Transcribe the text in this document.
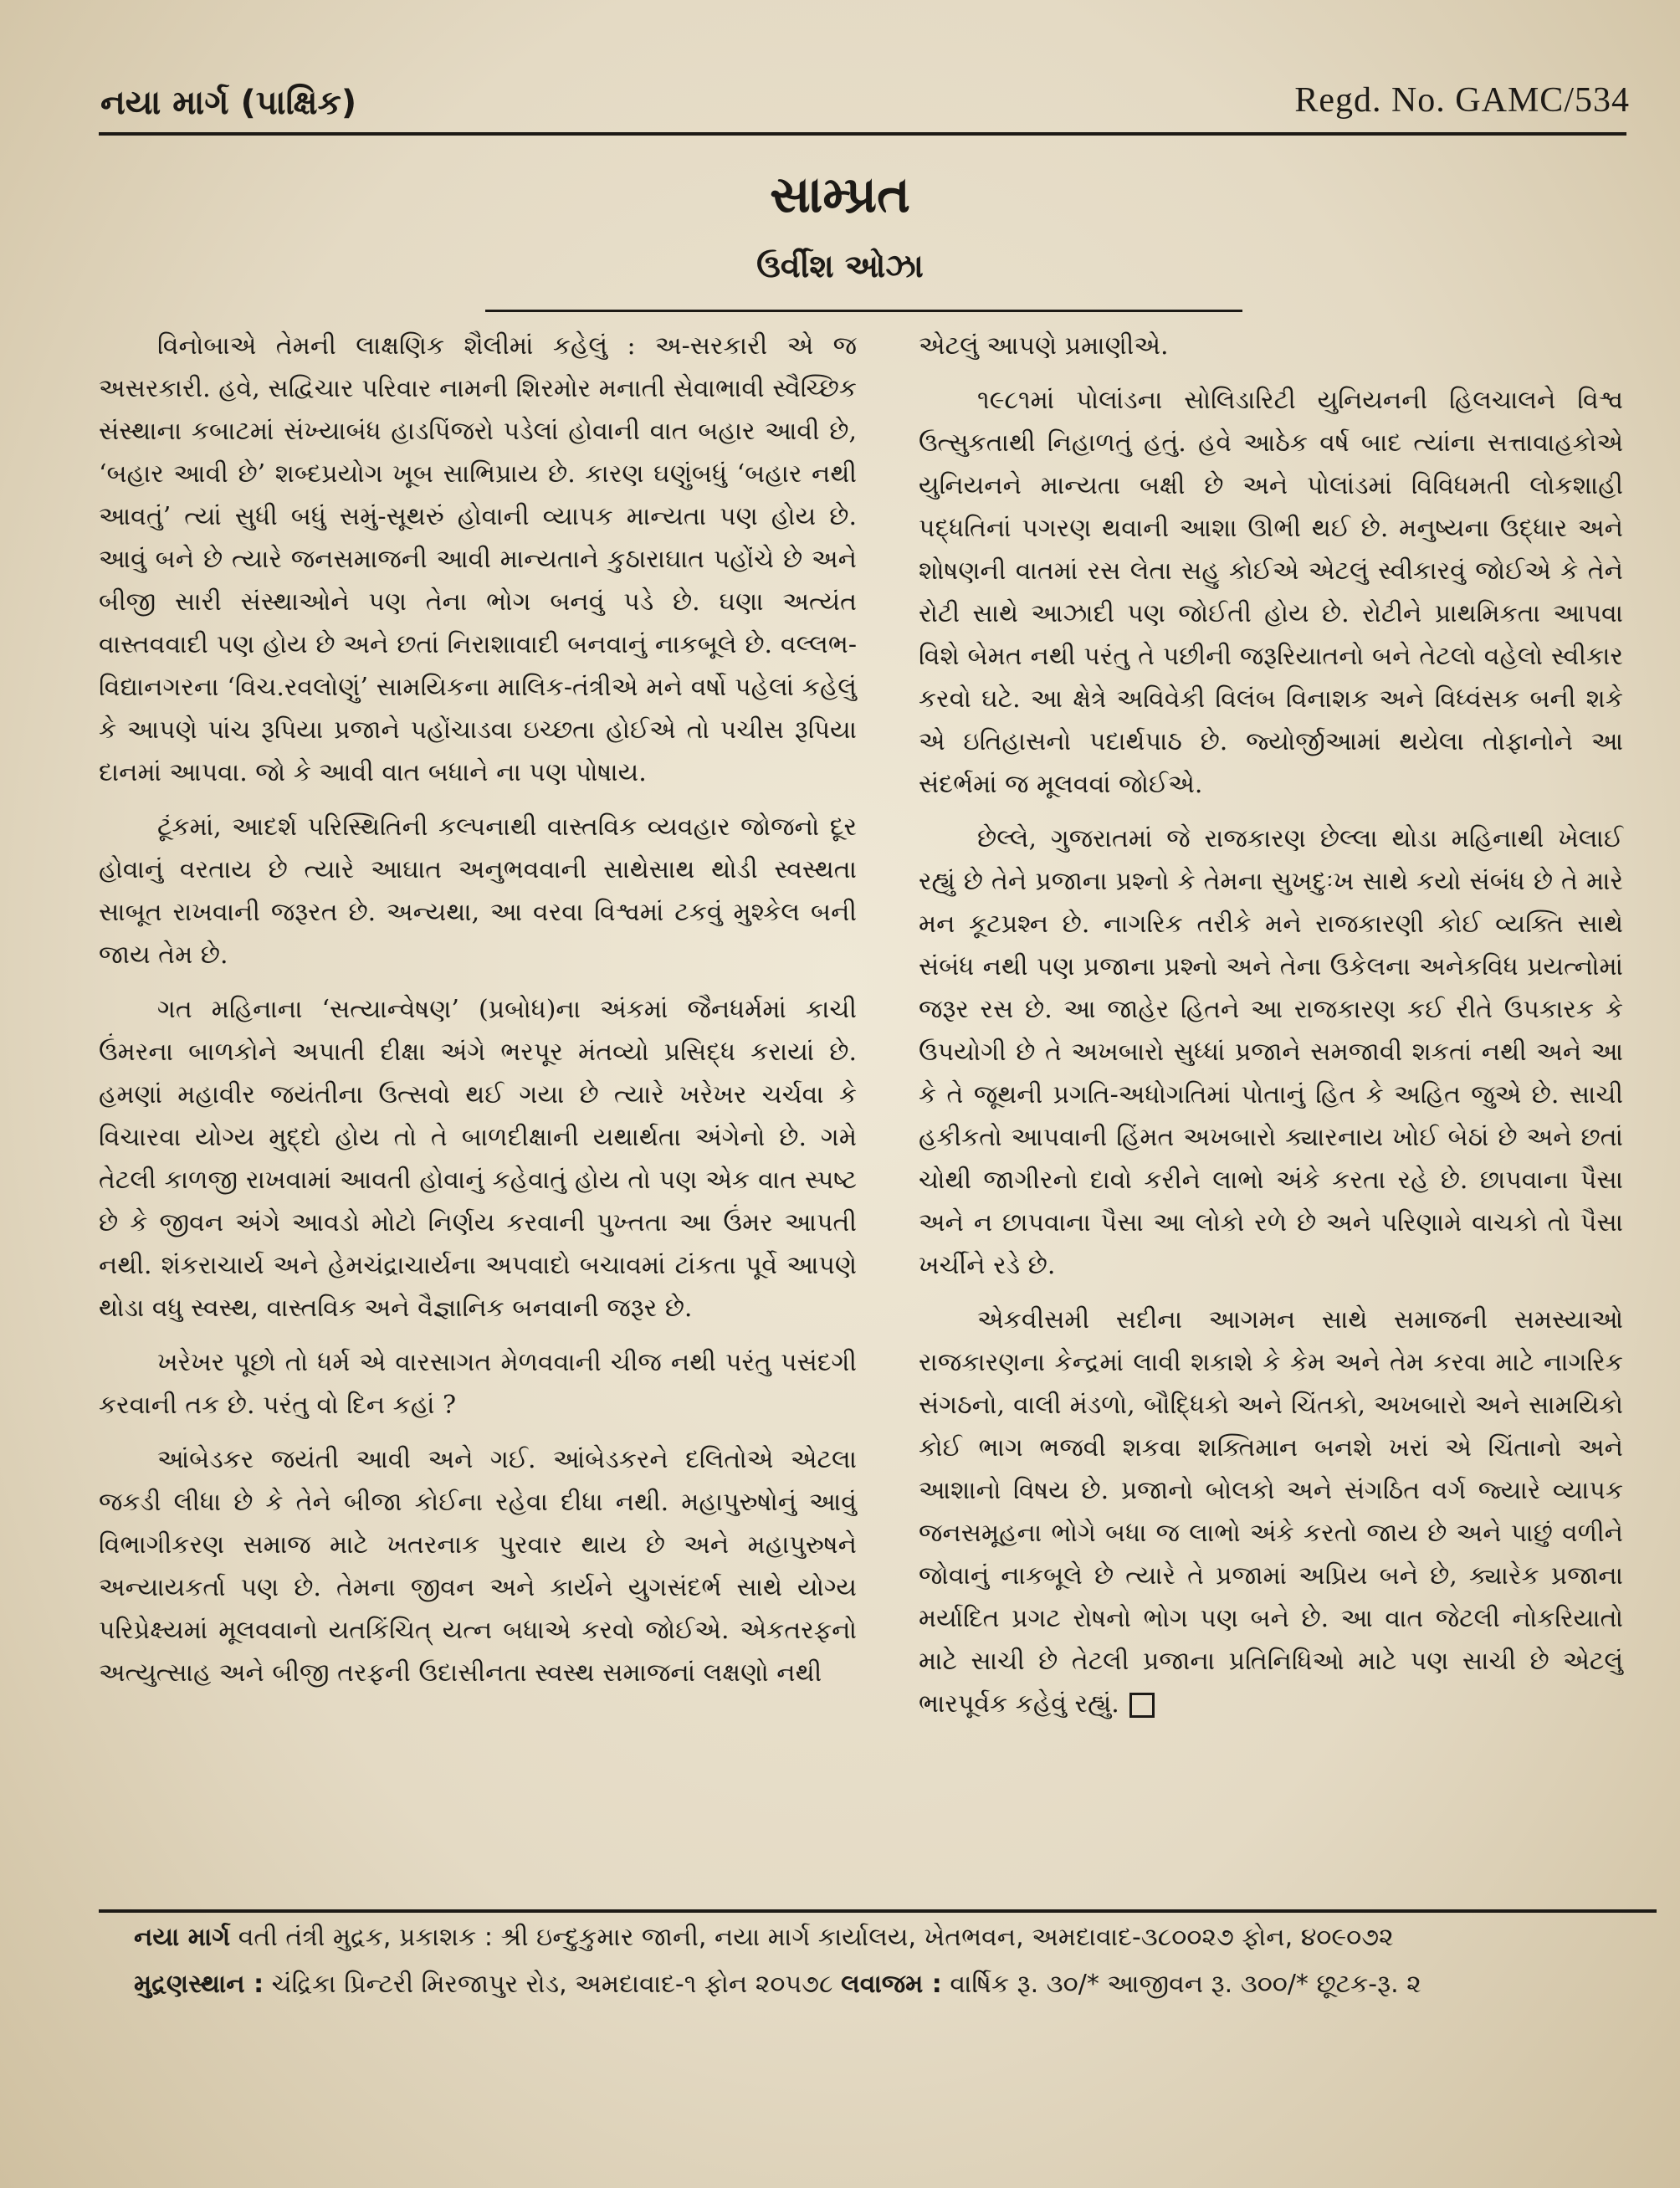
નયા માર્ગ (પાક્ષિક)	Regd. No. GAMC/534
સામ્પ્રત
ઉર્વીશ ઓઝા

વિનોબાએ તેમની લાક્ષણિક શૈલીમાં કહેલું : અ-સરકારી એ જ અસરકારી. હવે, સદ્વિચાર પરિવાર નામની શિરમોર મનાતી સેવાભાવી સ્વૈચ્છિક સંસ્થાના કબાટમાં સંખ્યાબંધ હાડપિંજરો પડેલાં હોવાની વાત બહાર આવી છે, ‘બહાર આવી છે’ શબ્દપ્રયોગ ખૂબ સાભિપ્રાય છે. કારણ ઘણુંબધું ‘બહાર નથી આવતું’ ત્યાં સુધી બધું સમું-સૂથરું હોવાની વ્યાપક માન્યતા પણ હોય છે. આવું બને છે ત્યારે જનસમાજની આવી માન્યતાને કુઠારાઘાત પહોંચે છે અને બીજી સારી સંસ્થાઓને પણ તેના ભોગ બનવું પડે છે. ઘણા અત્યંત વાસ્તવવાદી પણ હોય છે અને છતાં નિરાશાવાદી બનવાનું નાકબૂલે છે. વલ્લભ-વિદ્યાનગરના ‘વિચ.રવલોણું’ સામયિકના માલિક-તંત્રીએ મને વર્ષો પહેલાં કહેલું કે આપણે પાંચ રૂપિયા પ્રજાને પહોંચાડવા ઇચ્છતા હોઈએ તો પચીસ રૂપિયા દાનમાં આપવા. જો કે આવી વાત બધાને ના પણ પોષાય.

ટૂંકમાં, આદર્શ પરિસ્થિતિની કલ્પનાથી વાસ્તવિક વ્યવહાર જોજનો દૂર હોવાનું વરતાય છે ત્યારે આઘાત અનુભવવાની સાથેસાથ થોડી સ્વસ્થતા સાબૂત રાખવાની જરૂરત છે. અન્યથા, આ વરવા વિશ્વમાં ટકવું મુશ્કેલ બની જાય તેમ છે.

ગત મહિનાના ‘સત્યાન્વેષણ’ (પ્રબોધ)ના અંકમાં જૈનધર્મમાં કાચી ઉંમરના બાળકોને અપાતી દીક્ષા અંગે ભરપૂર મંતવ્યો પ્રસિદ્ધ કરાયાં છે. હમણાં મહાવીર જયંતીના ઉત્સવો થઈ ગયા છે ત્યારે ખરેખર ચર્ચવા કે વિચારવા યોગ્ય મુદ્દો હોય તો તે બાળદીક્ષાની યથાર્થતા અંગેનો છે. ગમે તેટલી કાળજી રાખવામાં આવતી હોવાનું કહેવાતું હોય તો પણ એક વાત સ્પષ્ટ છે કે જીવન અંગે આવડો મોટો નિર્ણય કરવાની પુખ્તતા આ ઉંમર આપતી નથી. શંકરાચાર્ય અને હેમચંદ્રાચાર્યના અપવાદો બચાવમાં ટાંકતા પૂર્વે આપણે થોડા વધુ સ્વસ્થ, વાસ્તવિક અને વૈજ્ઞાનિક બનવાની જરૂર છે.

ખરેખર પૂછો તો ધર્મ એ વારસાગત મેળવવાની ચીજ નથી પરંતુ પસંદગી કરવાની તક છે. પરંતુ વો દિન કહાં ?

આંબેડકર જયંતી આવી અને ગઈ. આંબેડકરને દલિતોએ એટલા જકડી લીધા છે કે તેને બીજા કોઈના રહેવા દીધા નથી. મહાપુરુષોનું આવું વિભાગીકરણ સમાજ માટે ખતરનાક પુરવાર થાય છે અને મહાપુરુષને અન્યાયકર્તા પણ છે. તેમના જીવન અને કાર્યને યુગસંદર્ભ સાથે યોગ્ય પરિપ્રેક્ષ્યમાં મૂલવવાનો યતકિંચિત્ યત્ન બધાએ કરવો જોઈએ. એકતરફનો અત્યુત્સાહ અને બીજી તરફની ઉદાસીનતા સ્વસ્થ સમાજનાં લક્ષણો નથી

એટલું આપણે પ્રમાણીએ.

૧૯૮૧માં પોલાંડના સોલિડારિટી યુનિયનની હિલચાલને વિશ્વ ઉત્સુકતાથી નિહાળતું હતું. હવે આઠેક વર્ષ બાદ ત્યાંના સત્તાવાહકોએ યુનિયનને માન્યતા બક્ષી છે અને પોલાંડમાં વિવિધમતી લોકશાહી પદ્ધતિનાં પગરણ થવાની આશા ઊભી થઈ છે. મનુષ્યના ઉદ્ધાર અને શોષણની વાતમાં રસ લેતા સહુ કોઈએ એટલું સ્વીકારવું જોઈએ કે તેને રોટી સાથે આઝાદી પણ જોઈતી હોય છે. રોટીને પ્રાથમિકતા આપવા વિશે બેમત નથી પરંતુ તે પછીની જરૂરિયાતનો બને તેટલો વહેલો સ્વીકાર કરવો ઘટે. આ ક્ષેત્રે અવિવેકી વિલંબ વિનાશક અને વિધ્વંસક બની શકે એ ઇતિહાસનો પદાર્થપાઠ છે. જ્યોર્જીઆમાં થયેલા તોફાનોને આ સંદર્ભમાં જ મૂલવવાં જોઈએ.

છેલ્લે, ગુજરાતમાં જે રાજકારણ છેલ્લા થોડા મહિનાથી ખેલાઈ રહ્યું છે તેને પ્રજાના પ્રશ્નો કે તેમના સુખદુઃખ સાથે કયો સંબંધ છે તે મારે મન કૂટપ્રશ્ન છે. નાગરિક તરીકે મને રાજકારણી કોઈ વ્યક્તિ સાથે સંબંધ નથી પણ પ્રજાના પ્રશ્નો અને તેના ઉકેલના અનેકવિધ પ્રયત્નોમાં જરૂર રસ છે. આ જાહેર હિતને આ રાજકારણ કઈ રીતે ઉપકારક કે ઉપયોગી છે તે અખબારો સુધ્ધાં પ્રજાને સમજાવી શકતાં નથી અને આ કે તે જૂથની પ્રગતિ-અધોગતિમાં પોતાનું હિત કે અહિત જુએ છે. સાચી હકીકતો આપવાની હિંમત અખબારો ક્યારનાય ખોઈ બેઠાં છે અને છતાં ચોથી જાગીરનો દાવો કરીને લાભો અંકે કરતા રહે છે. છાપવાના પૈસા અને ન છાપવાના પૈસા આ લોકો રળે છે અને પરિણામે વાચકો તો પૈસા ખર્ચીને રડે છે.

એકવીસમી સદીના આગમન સાથે સમાજની સમસ્યાઓ રાજકારણના કેન્દ્રમાં લાવી શકાશે કે કેમ અને તેમ કરવા માટે નાગરિક સંગઠનો, વાલી મંડળો, બૌદ્ધિકો અને ચિંતકો, અખબારો અને સામયિકો કોઈ ભાગ ભજવી શકવા શક્તિમાન બનશે ખરાં એ ચિંતાનો અને આશાનો વિષય છે. પ્રજાનો બોલકો અને સંગઠિત વર્ગ જ્યારે વ્યાપક જનસમૂહના ભોગે બધા જ લાભો અંકે કરતો જાય છે અને પાછું વળીને જોવાનું નાકબૂલે છે ત્યારે તે પ્રજામાં અપ્રિય બને છે, ક્યારેક પ્રજાના મર્યાદિત પ્રગટ રોષનો ભોગ પણ બને છે. આ વાત જેટલી નોકરિયાતો માટે સાચી છે તેટલી પ્રજાના પ્રતિનિધિઓ માટે પણ સાચી છે એટલું ભારપૂર્વક કહેવું રહ્યું.

નયા માર્ગ વતી તંત્રી મુદ્રક, પ્રકાશક : શ્રી ઇન્દુકુમાર જાની, નયા માર્ગ કાર્યાલય, ખેતભવન, અમદાવાદ-૩૮૦૦૨૭ ફોન, ૪૦૯૦૭૨
મુદ્રણસ્થાન : ચંદ્રિકા પ્રિન્ટરી મિરજાપુર રોડ, અમદાવાદ-૧ ફોન ૨૦૫૭૮ લવાજમ : વાર્ષિક રૂ. ૩૦/* આજીવન રૂ. ૩૦૦/* છૂટક-રૂ. ૨
